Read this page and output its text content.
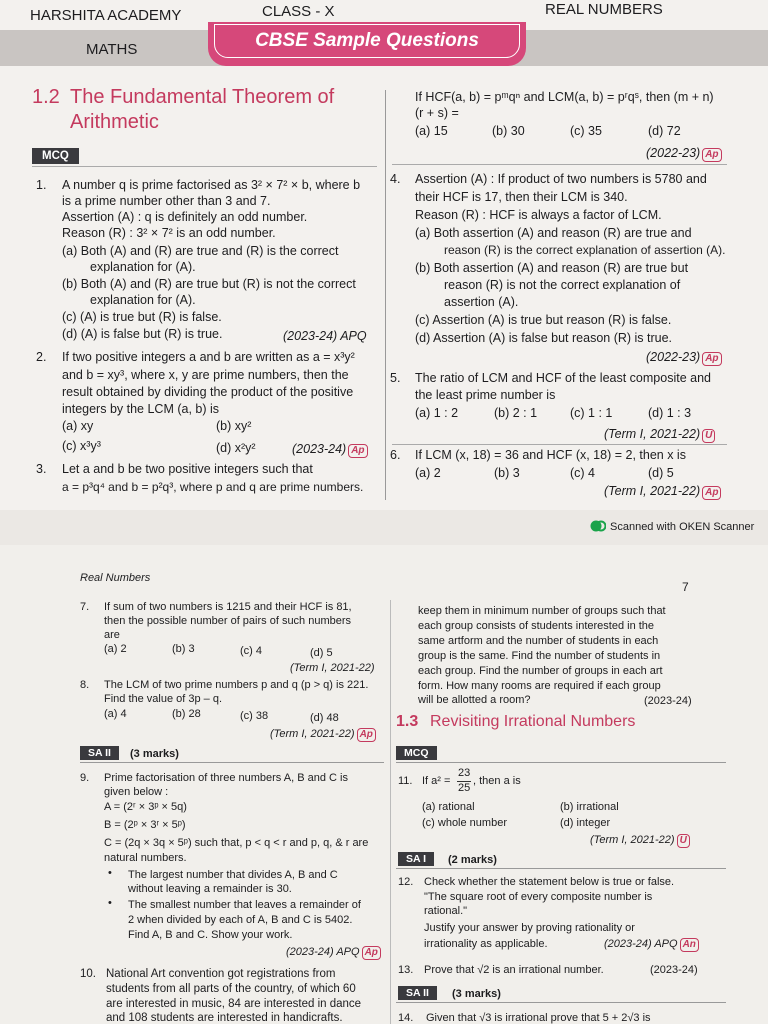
HARSHITA ACADEMY	CLASS - X	REAL NUMBERS
MATHS	CBSE Sample Questions
1.2 The Fundamental Theorem of
Arithmetic
MCQ
1. A number q is prime factorised as 3² × 7² × b, where b
is a prime number other than 3 and 7.
Assertion (A) : q is definitely an odd number.
Reason (R) : 3² × 7² is an odd number.
(a) Both (A) and (R) are true and (R) is the correct
explanation for (A).
(b) Both (A) and (R) are true but (R) is not the correct
explanation for (A).
(c) (A) is true but (R) is false.
(d) (A) is false but (R) is true.	(2023-24) APQ
2. If two positive integers a and b are written as a = x³y²
and b = xy³, where x, y are prime numbers, then the
result obtained by dividing the product of the positive
integers by the LCM (a, b) is
(a) xy	(b) xy²
(c) x³y³	(d) x²y²	(2023-24) Ap
3. Let a and b be two positive integers such that
a = p³q⁴ and b = p²q³, where p and q are prime numbers.
If HCF(a, b) = pᵐqⁿ and LCM(a, b) = pʳqˢ, then (m + n)
(r + s) =
(a) 15	(b) 30	(c) 35	(d) 72
(2022-23) Ap
4. Assertion (A) : If product of two numbers is 5780 and
their HCF is 17, then their LCM is 340.
Reason (R) : HCF is always a factor of LCM.
(a) Both assertion (A) and reason (R) are true and
reason (R) is the correct explanation of assertion (A).
(b) Both assertion (A) and reason (R) are true but
reason (R) is not the correct explanation of
assertion (A).
(c) Assertion (A) is true but reason (R) is false.
(d) Assertion (A) is false but reason (R) is true.
(2022-23) Ap
5. The ratio of LCM and HCF of the least composite and
the least prime number is
(a) 1 : 2	(b) 2 : 1	(c) 1 : 1	(d) 1 : 3
(Term I, 2021-22) U
6. If LCM (x, 18) = 36 and HCF (x, 18) = 2, then x is
(a) 2	(b) 3	(c) 4	(d) 5
(Term I, 2021-22) Ap
Scanned with OKEN Scanner
Real Numbers
7
7. If sum of two numbers is 1215 and their HCF is 81,
then the possible number of pairs of such numbers
are
(a) 2	(b) 3	(c) 4	(d) 5
(Term I, 2021-22)
8. The LCM of two prime numbers p and q (p > q) is 221.
Find the value of 3p – q.
(a) 4	(b) 28	(c) 38	(d) 48
(Term I, 2021-22) Ap
SA II	(3 marks)
9. Prime factorisation of three numbers A, B and C is
given below :
A = (2ʳ × 3ᵖ × 5q)
B = (2ᵖ × 3ʳ × 5ᵖ)
C = (2q × 3q × 5ᵖ) such that, p < q < r and p, q, & r are
natural numbers.
• The largest number that divides A, B and C
without leaving a remainder is 30.
• The smallest number that leaves a remainder of
2 when divided by each of A, B and C is 5402.
Find A, B and C. Show your work.
(2023-24) APQ Ap
10. National Art convention got registrations from
students from all parts of the country, of which 60
are interested in music, 84 are interested in dance
and 108 students are interested in handicrafts.
keep them in minimum number of groups such that
each group consists of students interested in the
same artform and the number of students in each
group is the same. Find the number of students in
each group. Find the number of groups in each art
form. How many rooms are required if each group
will be allotted a room?	(2023-24)
1.3 Revisiting Irrational Numbers
MCQ
11. If a² =
23
25
, then a is
(a) rational	(b) irrational
(c) whole number	(d) integer
(Term I, 2021-22) U
SA I	(2 marks)
12. Check whether the statement below is true or false.
"The square root of every composite number is
rational."
Justify your answer by proving rationality or
irrationality as applicable.	(2023-24) APQ An
13. Prove that √2 is an irrational number.	(2023-24)
SA II	(3 marks)
14. Given that √3 is irrational prove that 5 + 2√3 is
